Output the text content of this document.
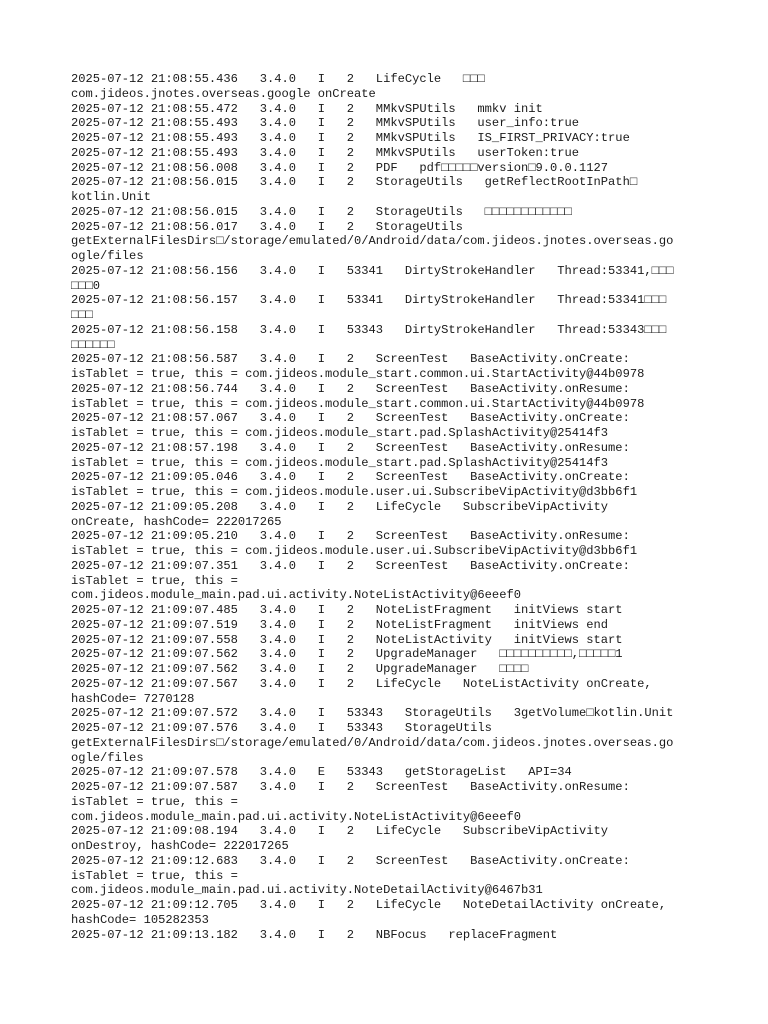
2025-07-12 21:08:55.436   3.4.0   I   2   LifeCycle   □□□
com.jideos.jnotes.overseas.google onCreate
2025-07-12 21:08:55.472   3.4.0   I   2   MMkvSPUtils   mmkv init
2025-07-12 21:08:55.493   3.4.0   I   2   MMkvSPUtils   user_info:true
2025-07-12 21:08:55.493   3.4.0   I   2   MMkvSPUtils   IS_FIRST_PRIVACY:true
2025-07-12 21:08:55.493   3.4.0   I   2   MMkvSPUtils   userToken:true
2025-07-12 21:08:56.008   3.4.0   I   2   PDF   pdf□□□□□version□9.0.0.1127
2025-07-12 21:08:56.015   3.4.0   I   2   StorageUtils   getReflectRootInPath□
kotlin.Unit
2025-07-12 21:08:56.015   3.4.0   I   2   StorageUtils   □□□□□□□□□□□□
2025-07-12 21:08:56.017   3.4.0   I   2   StorageUtils
getExternalFilesDirs□/storage/emulated/0/Android/data/com.jideos.jnotes.overseas.go
ogle/files
2025-07-12 21:08:56.156   3.4.0   I   53341   DirtyStrokeHandler   Thread:53341,□□□
□□□0
2025-07-12 21:08:56.157   3.4.0   I   53341   DirtyStrokeHandler   Thread:53341□□□
□□□
2025-07-12 21:08:56.158   3.4.0   I   53343   DirtyStrokeHandler   Thread:53343□□□
□□□□□□
2025-07-12 21:08:56.587   3.4.0   I   2   ScreenTest   BaseActivity.onCreate:
isTablet = true, this = com.jideos.module_start.common.ui.StartActivity@44b0978
2025-07-12 21:08:56.744   3.4.0   I   2   ScreenTest   BaseActivity.onResume:
isTablet = true, this = com.jideos.module_start.common.ui.StartActivity@44b0978
2025-07-12 21:08:57.067   3.4.0   I   2   ScreenTest   BaseActivity.onCreate:
isTablet = true, this = com.jideos.module_start.pad.SplashActivity@25414f3
2025-07-12 21:08:57.198   3.4.0   I   2   ScreenTest   BaseActivity.onResume:
isTablet = true, this = com.jideos.module_start.pad.SplashActivity@25414f3
2025-07-12 21:09:05.046   3.4.0   I   2   ScreenTest   BaseActivity.onCreate:
isTablet = true, this = com.jideos.module.user.ui.SubscribeVipActivity@d3bb6f1
2025-07-12 21:09:05.208   3.4.0   I   2   LifeCycle   SubscribeVipActivity
onCreate, hashCode= 222017265
2025-07-12 21:09:05.210   3.4.0   I   2   ScreenTest   BaseActivity.onResume:
isTablet = true, this = com.jideos.module.user.ui.SubscribeVipActivity@d3bb6f1
2025-07-12 21:09:07.351   3.4.0   I   2   ScreenTest   BaseActivity.onCreate:
isTablet = true, this =
com.jideos.module_main.pad.ui.activity.NoteListActivity@6eeef0
2025-07-12 21:09:07.485   3.4.0   I   2   NoteListFragment   initViews start
2025-07-12 21:09:07.519   3.4.0   I   2   NoteListFragment   initViews end
2025-07-12 21:09:07.558   3.4.0   I   2   NoteListActivity   initViews start
2025-07-12 21:09:07.562   3.4.0   I   2   UpgradeManager   □□□□□□□□□□,□□□□□1
2025-07-12 21:09:07.562   3.4.0   I   2   UpgradeManager   □□□□
2025-07-12 21:09:07.567   3.4.0   I   2   LifeCycle   NoteListActivity onCreate,
hashCode= 7270128
2025-07-12 21:09:07.572   3.4.0   I   53343   StorageUtils   3getVolume□kotlin.Unit
2025-07-12 21:09:07.576   3.4.0   I   53343   StorageUtils
getExternalFilesDirs□/storage/emulated/0/Android/data/com.jideos.jnotes.overseas.go
ogle/files
2025-07-12 21:09:07.578   3.4.0   E   53343   getStorageList   API=34
2025-07-12 21:09:07.587   3.4.0   I   2   ScreenTest   BaseActivity.onResume:
isTablet = true, this =
com.jideos.module_main.pad.ui.activity.NoteListActivity@6eeef0
2025-07-12 21:09:08.194   3.4.0   I   2   LifeCycle   SubscribeVipActivity
onDestroy, hashCode= 222017265
2025-07-12 21:09:12.683   3.4.0   I   2   ScreenTest   BaseActivity.onCreate:
isTablet = true, this =
com.jideos.module_main.pad.ui.activity.NoteDetailActivity@6467b31
2025-07-12 21:09:12.705   3.4.0   I   2   LifeCycle   NoteDetailActivity onCreate,
hashCode= 105282353
2025-07-12 21:09:13.182   3.4.0   I   2   NBFocus   replaceFragment
